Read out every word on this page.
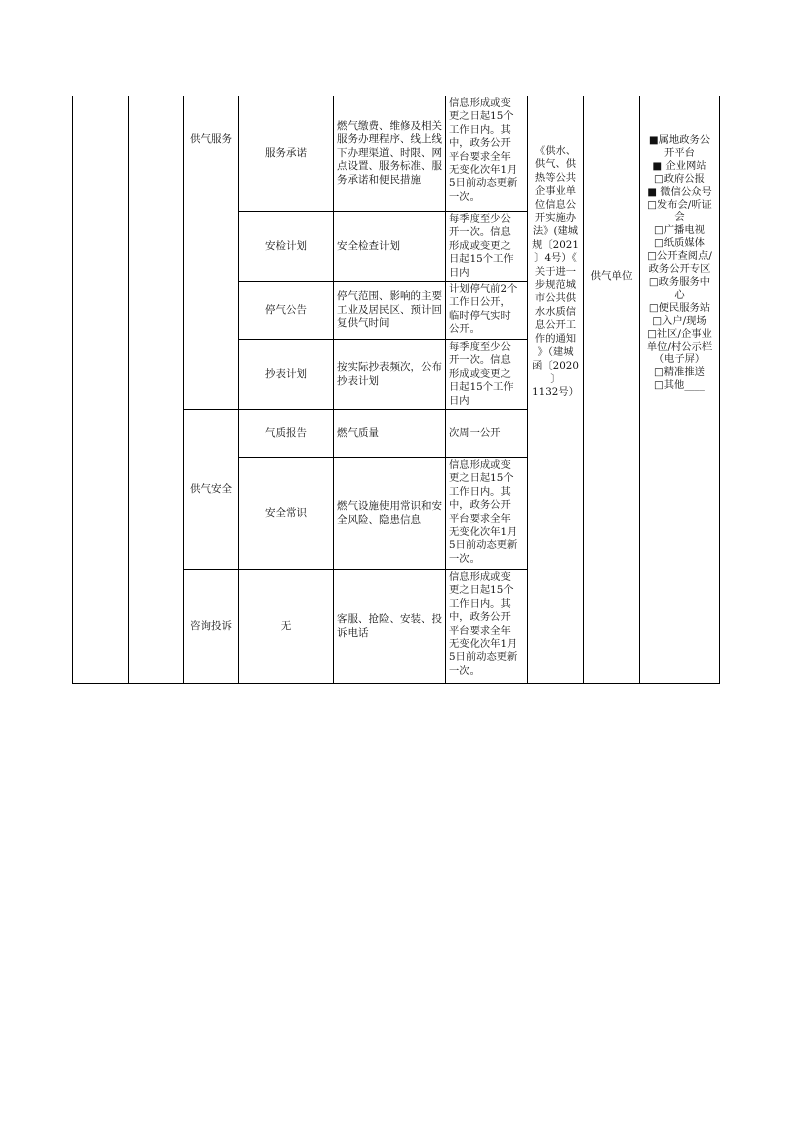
供气服务
供气安全
咨询投诉
服务承诺
安检计划
停气公告
抄表计划
气质报告
安全常识
无
燃气缴费、维修及相关服务办理程序、线上线下办理渠道、时限、网点设置、服务标准、服务承诺和便民措施
安全检查计划
停气范围、影响的主要工业及居民区、预计回复供气时间
按实际抄表频次，公布抄表计划
燃气质量
燃气设施使用常识和安全风险、隐患信息
客服、抢险、安装、投诉电话
信息形成或变
更之日起15个
工作日内。其
中，政务公开
平台要求全年
无变化次年1月
5日前动态更新
一次。
每季度至少公
开一次。信息
形成或变更之
日起15个工作
日内
计划停气前2个
工作日公开，
临时停气实时
公开。
每季度至少公
开一次。信息
形成或变更之
日起15个工作
日内
次周一公开
信息形成或变
更之日起15个
工作日内。其
中，政务公开
平台要求全年
无变化次年1月
5日前动态更新
一次。
信息形成或变
更之日起15个
工作日内。其
中，政务公开
平台要求全年
无变化次年1月
5日前动态更新
一次。
《供水、
供气、供
热等公共
企事业单
位信息公
开实施办
法》(建城
规〔2021
〕4号）《
关于进一
步规范城
市公共供
水水质信
息公开工
作的通知
》（建城
函〔2020
〕
1132号）
供气单位
■属地政务公
开平台
■ 企业网站
□政府公报
■ 微信公众号
□发布会/听证
会
□广播电视
□纸质媒体
□公开查阅点/
政务公开专区
□政务服务中
心
□便民服务站
□入户/现场
□社区/企事业
单位/村公示栏
（电子屏）
□精准推送
□其他____
